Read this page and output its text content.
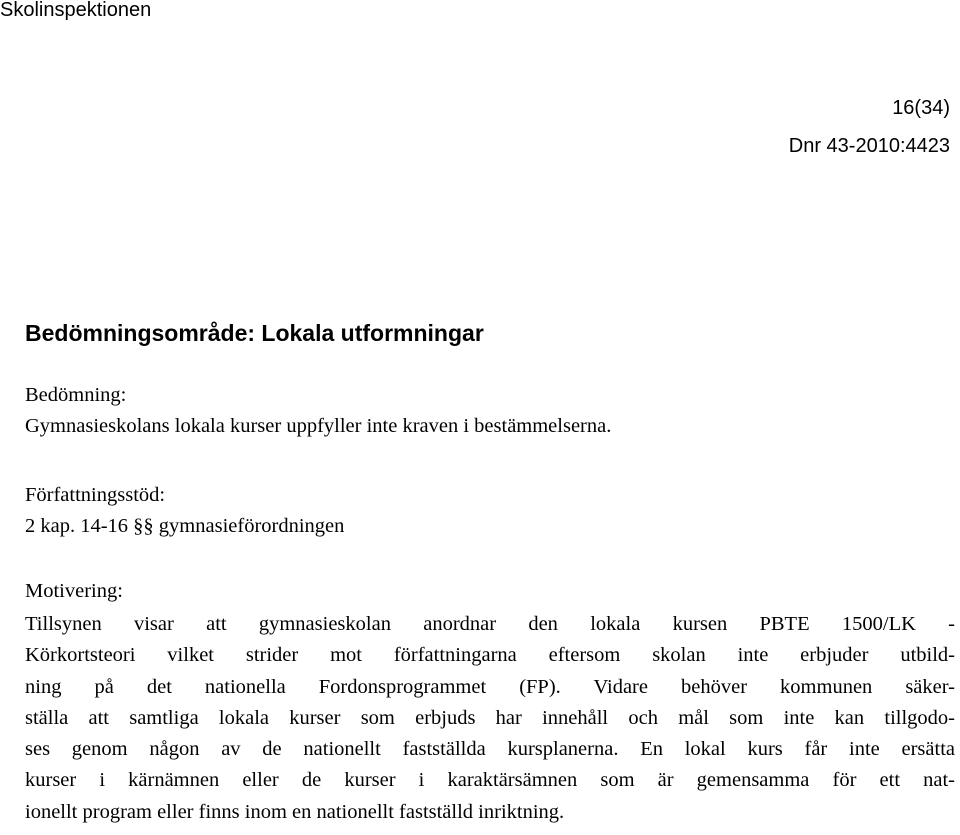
Skolinspektionen
16(34)
Dnr 43-2010:4423
Bedömningsområde: Lokala utformningar
Bedömning:
Gymnasieskolans lokala kurser uppfyller inte kraven i bestämmelserna.
Författningsstöd:
2 kap. 14-16 §§ gymnasieförordningen
Motivering:
Tillsynen visar att gymnasieskolan anordnar den lokala kursen PBTE 1500/LK -
Körkortsteori vilket strider mot författningarna eftersom skolan inte erbjuder utbild-
ning på det nationella Fordonsprogrammet (FP). Vidare behöver kommunen säker-
ställa att samtliga lokala kurser som erbjuds har innehåll och mål som inte kan tillgodo-
ses genom någon av de nationellt fastställda kursplanerna. En lokal kurs får inte ersätta
kurser i kärnämnen eller de kurser i karaktärsämnen som är gemensamma för ett nat-
ionellt program eller finns inom en nationellt fastställd inriktning.
